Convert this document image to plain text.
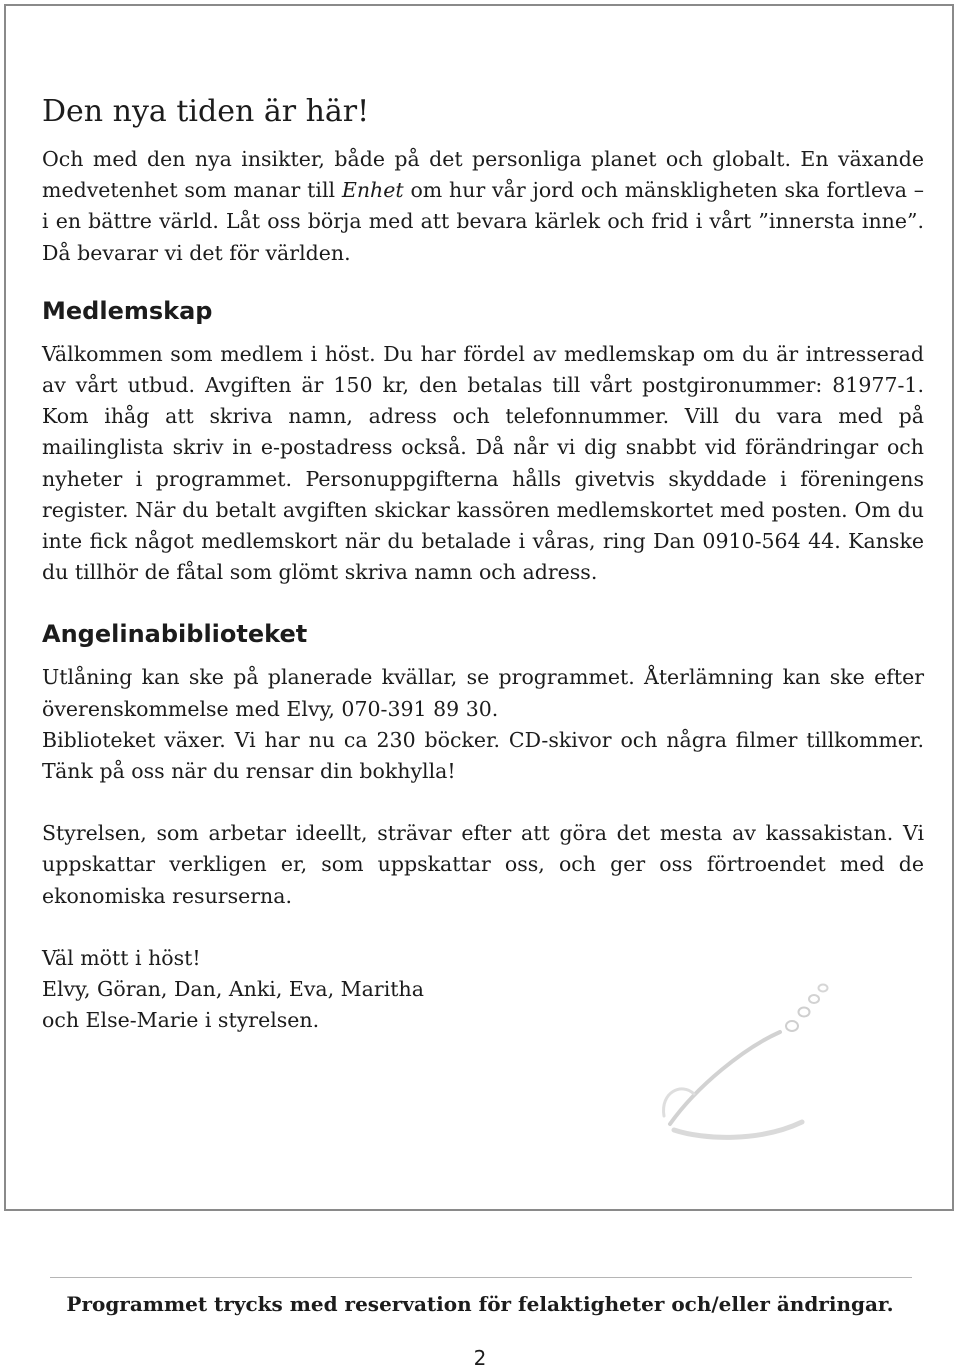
Den nya tiden är här!

Och med den nya insikter, både på det personliga planet och globalt. En växande medvetenhet som manar till Enhet om hur vår jord och mänskligheten ska fortleva – i en bättre värld. Låt oss börja med att bevara kärlek och frid i vårt ”innersta inne”. Då bevarar vi det för världen.

Medlemskap

Välkommen som medlem i höst. Du har fördel av medlemskap om du är intresserad av vårt utbud. Avgiften är 150 kr, den betalas till vårt postgironummer: 81977-1. Kom ihåg att skriva namn, adress och telefonnummer. Vill du vara med på mailinglista skriv in e-postadress också. Då når vi dig snabbt vid förändringar och nyheter i programmet. Personuppgifterna hålls givetvis skyddade i föreningens register. När du betalt avgiften skickar kassören medlemskortet med posten. Om du inte fick något medlemskort när du betalade i våras, ring Dan 0910-564 44. Kanske du tillhör de fåtal som glömt skriva namn och adress.

Angelinabiblioteket

Utlåning kan ske på planerade kvällar, se programmet. Återlämning kan ske efter överenskommelse med Elvy, 070-391 89 30.

Biblioteket växer. Vi har nu ca 230 böcker. CD-skivor och några filmer tillkommer. Tänk på oss när du rensar din bokhylla!

Styrelsen, som arbetar ideellt, strävar efter att göra det mesta av kassakistan. Vi uppskattar verkligen er, som uppskattar oss, och ger oss förtroendet med de ekonomiska resurserna.

Väl mött i höst!

Elvy, Göran, Dan, Anki, Eva, Maritha

och Else-Marie i styrelsen.

Programmet trycks med reservation för felaktigheter och/eller ändringar.
2
